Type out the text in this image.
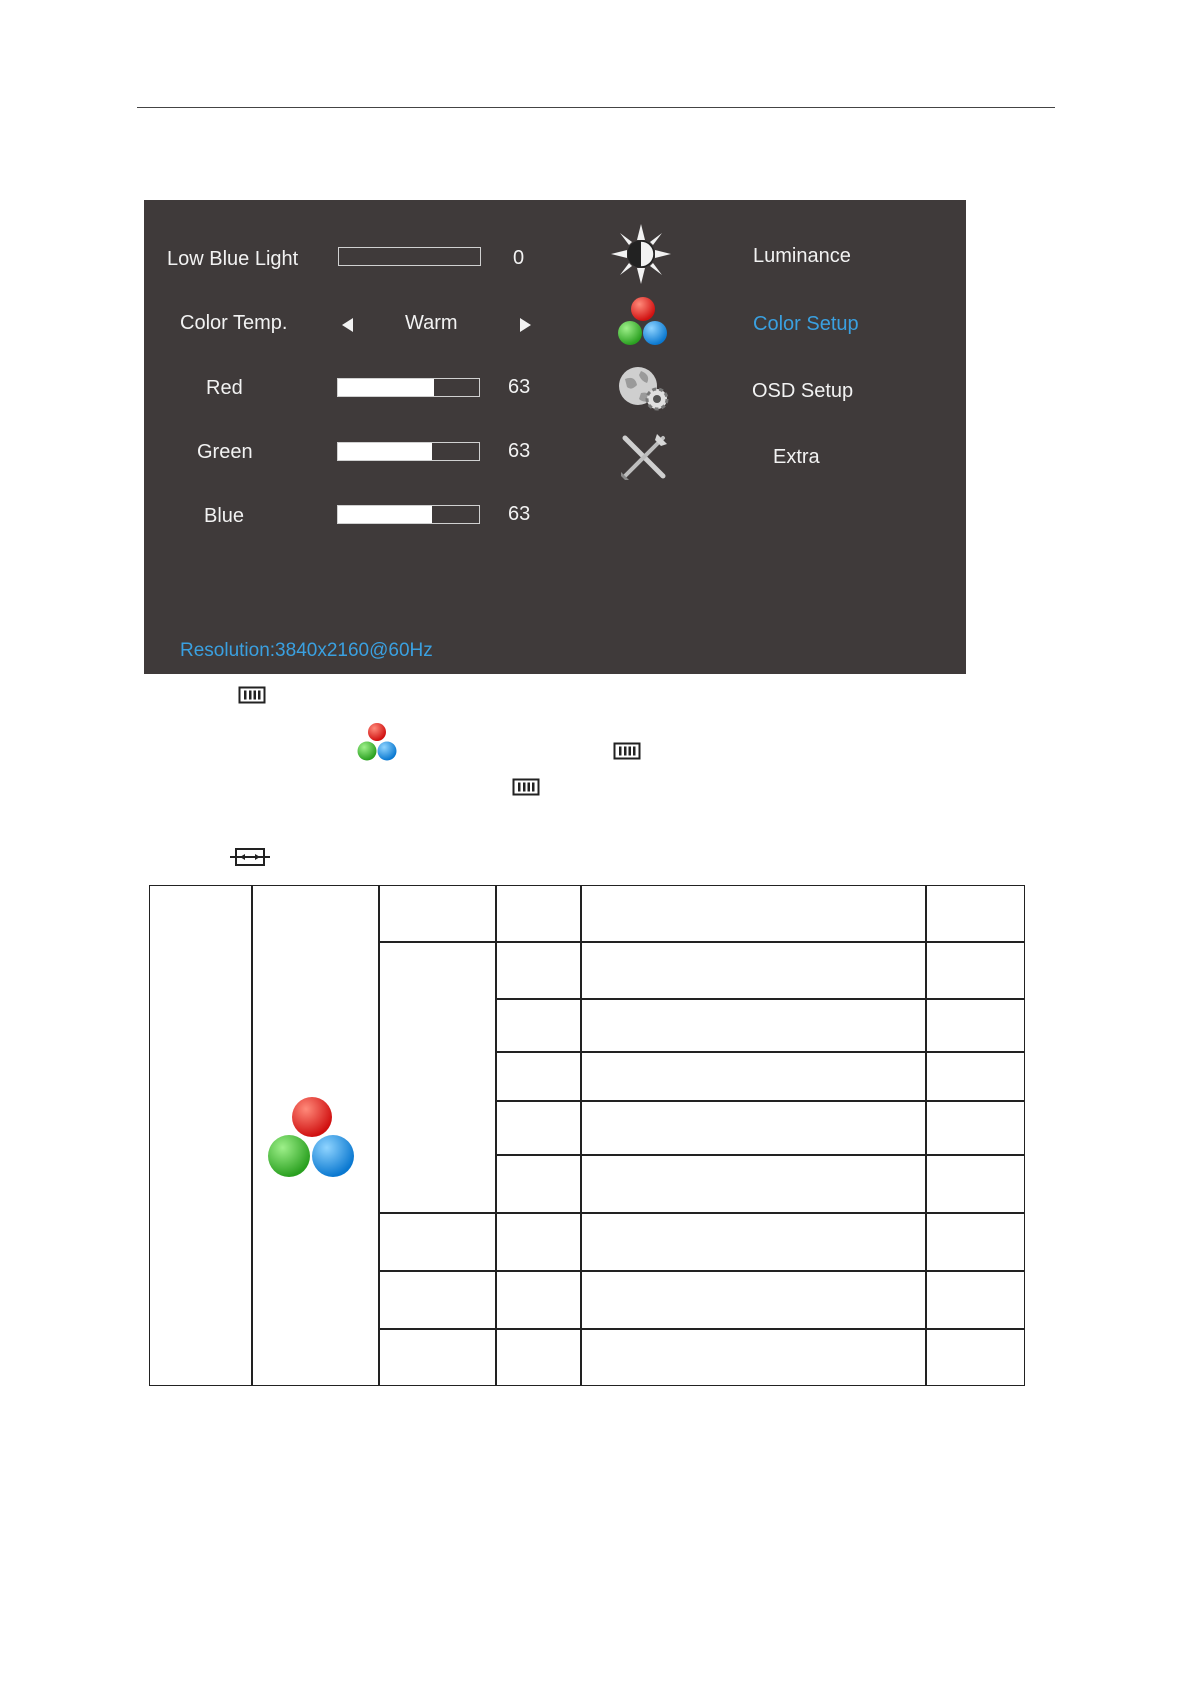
Low Blue Light	0
Color Temp.	Warm
Red	63
Green	63
Blue	63
Luminance
Color Setup
OSD Setup
Extra
Resolution:3840x2160@60Hz
